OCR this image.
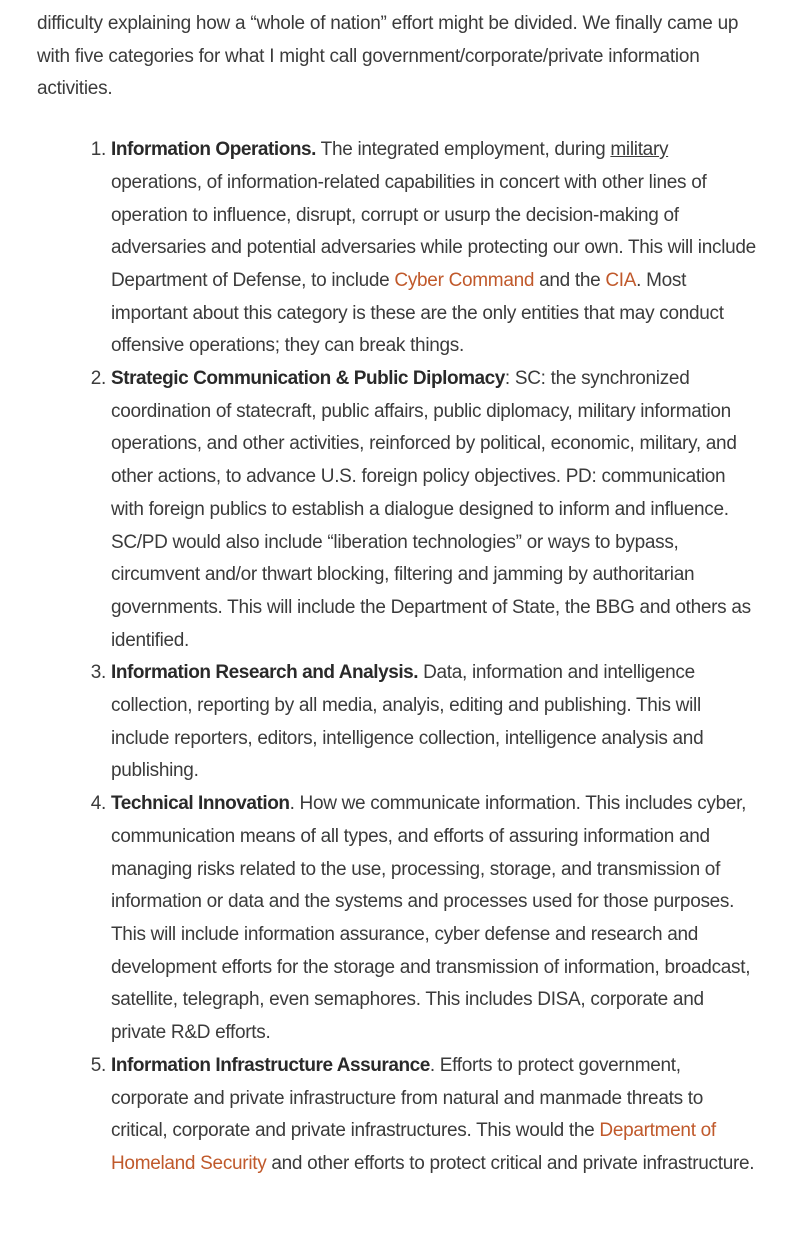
difficulty explaining how a “whole of nation” effort might be divided. We finally came up with five categories for what I might call government/corporate/private information activities.

1. Information Operations. The integrated employment, during military operations, of information-related capabilities in concert with other lines of operation to influence, disrupt, corrupt or usurp the decision-making of adversaries and potential adversaries while protecting our own. This will include Department of Defense, to include Cyber Command and the CIA. Most important about this category is these are the only entities that may conduct offensive operations; they can break things.
2. Strategic Communication & Public Diplomacy: SC: the synchronized coordination of statecraft, public affairs, public diplomacy, military information operations, and other activities, reinforced by political, economic, military, and other actions, to advance U.S. foreign policy objectives. PD: communication with foreign publics to establish a dialogue designed to inform and influence. SC/PD would also include “liberation technologies” or ways to bypass, circumvent and/or thwart blocking, filtering and jamming by authoritarian governments. This will include the Department of State, the BBG and others as identified.
3. Information Research and Analysis. Data, information and intelligence collection, reporting by all media, analyis, editing and publishing. This will include reporters, editors, intelligence collection, intelligence analysis and publishing.
4. Technical Innovation. How we communicate information. This includes cyber, communication means of all types, and efforts of assuring information and managing risks related to the use, processing, storage, and transmission of information or data and the systems and processes used for those purposes. This will include information assurance, cyber defense and research and development efforts for the storage and transmission of information, broadcast, satellite, telegraph, even semaphores. This includes DISA, corporate and private R&D efforts.
5. Information Infrastructure Assurance. Efforts to protect government, corporate and private infrastructure from natural and manmade threats to critical, corporate and private infrastructures. This would the Department of Homeland Security and other efforts to protect critical and private infrastructure.
